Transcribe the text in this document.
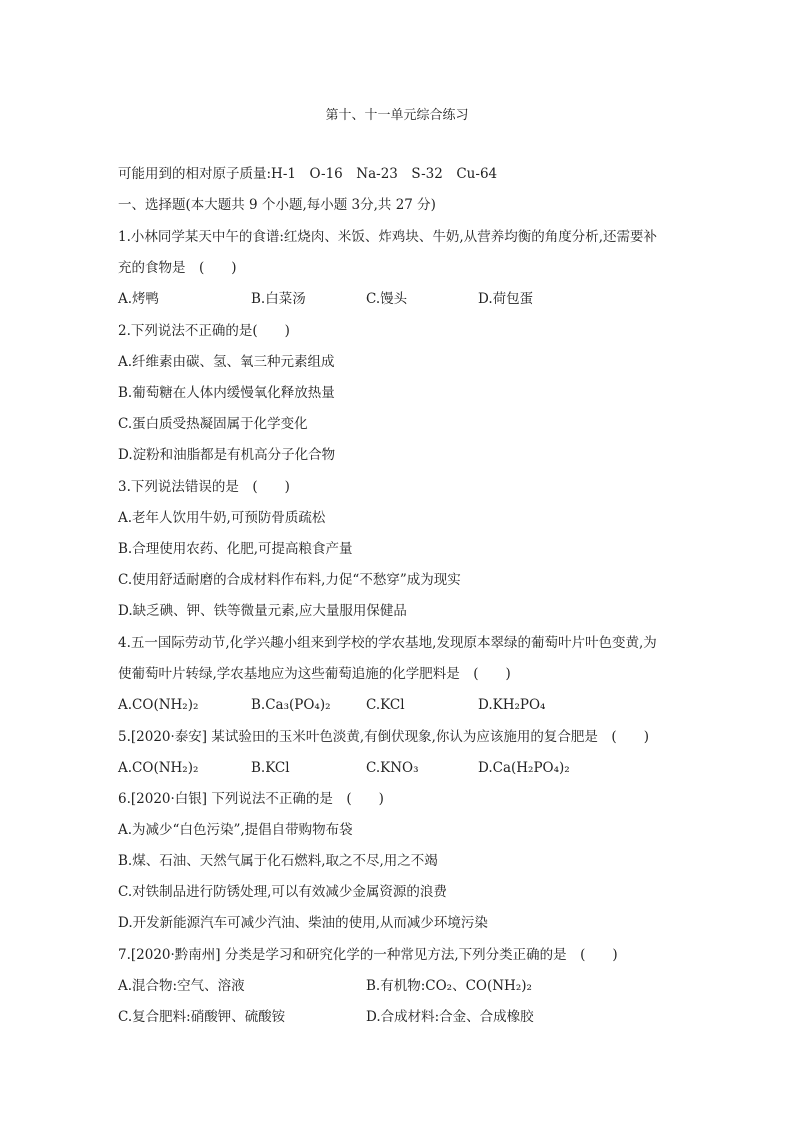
第十、十一单元综合练习
可能用到的相对原子质量:H-1　O-16　Na-23　S-32　Cu-64
一、选择题(本大题共 9 个小题,每小题 3分,共 27 分)
1.小林同学某天中午的食谱:红烧肉、米饭、炸鸡块、牛奶,从营养均衡的角度分析,还需要补
充的食物是　(　　)
A.烤鸭	B.白菜汤	C.馒头	D.荷包蛋
2.下列说法不正确的是(　　)
A.纤维素由碳、氢、氧三种元素组成
B.葡萄糖在人体内缓慢氧化释放热量
C.蛋白质受热凝固属于化学变化
D.淀粉和油脂都是有机高分子化合物
3.下列说法错误的是　(　　)
A.老年人饮用牛奶,可预防骨质疏松
B.合理使用农药、化肥,可提高粮食产量
C.使用舒适耐磨的合成材料作布料,力促“不愁穿”成为现实
D.缺乏碘、钾、铁等微量元素,应大量服用保健品
4.五一国际劳动节,化学兴趣小组来到学校的学农基地,发现原本翠绿的葡萄叶片叶色变黄,为
使葡萄叶片转绿,学农基地应为这些葡萄追施的化学肥料是　(　　)
A.CO(NH₂)₂	B.Ca₃(PO₄)₂	C.KCl	D.KH₂PO₄
5.[2020·泰安] 某试验田的玉米叶色淡黄,有倒伏现象,你认为应该施用的复合肥是　(　　)
A.CO(NH₂)₂	B.KCl	C.KNO₃	D.Ca(H₂PO₄)₂
6.[2020·白银] 下列说法不正确的是　(　　)
A.为减少“白色污染”,提倡自带购物布袋
B.煤、石油、天然气属于化石燃料,取之不尽,用之不竭
C.对铁制品进行防锈处理,可以有效减少金属资源的浪费
D.开发新能源汽车可减少汽油、柴油的使用,从而减少环境污染
7.[2020·黔南州] 分类是学习和研究化学的一种常见方法,下列分类正确的是　(　　)
A.混合物:空气、溶液	B.有机物:CO₂、CO(NH₂)₂
C.复合肥料:硝酸钾、硫酸铵	D.合成材料:合金、合成橡胶
